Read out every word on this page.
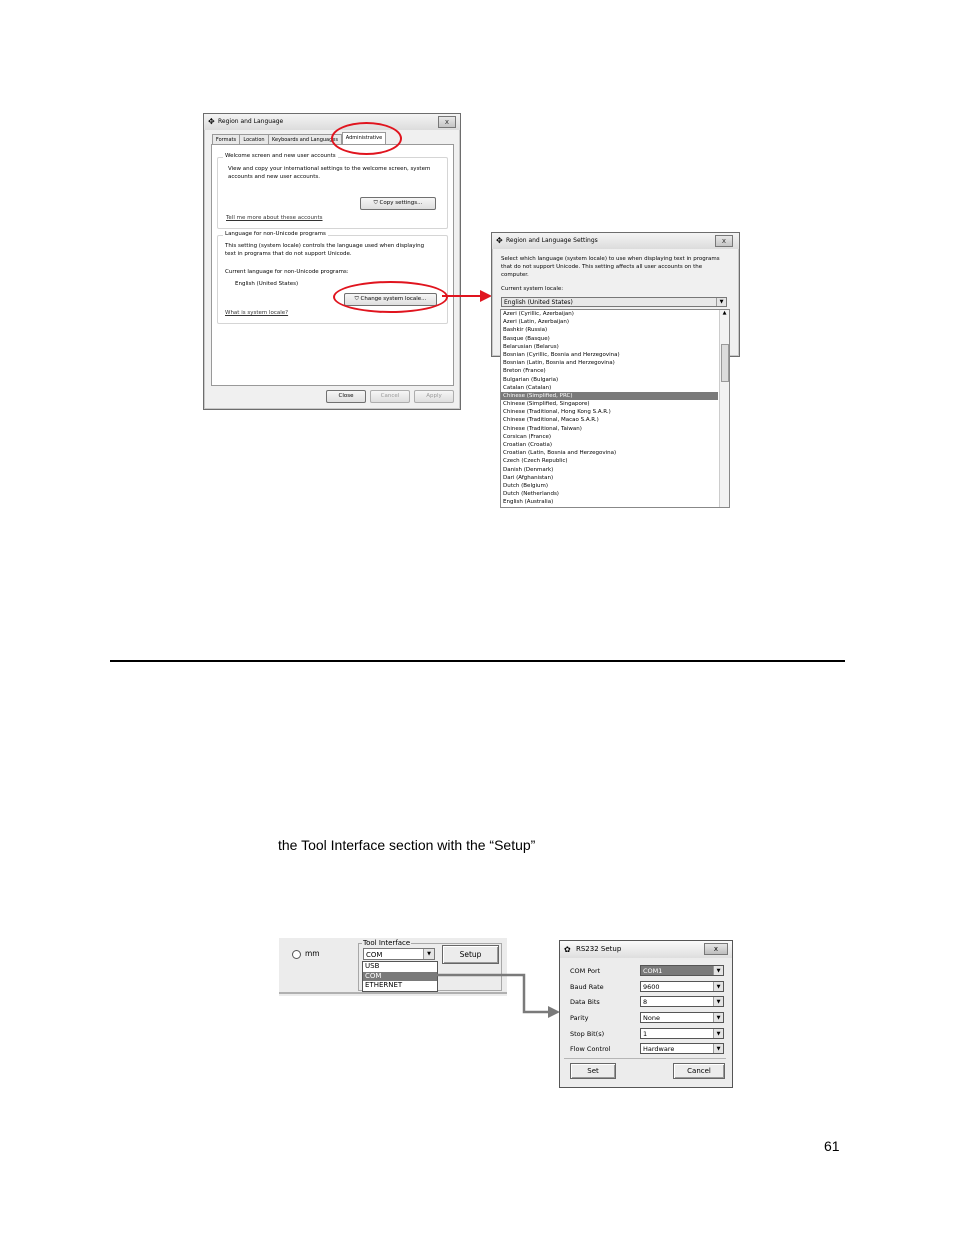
✥ Region and Language	x
Formats	Location	Keyboards and Languages	Administrative
Welcome screen and new user accounts
View and copy your international settings to the welcome screen, system
accounts and new user accounts.
⛉ Copy settings...
Tell me more about these accounts
Language for non-Unicode programs
This setting (system locale) controls the language used when displaying
text in programs that do not support Unicode.
Current language for non-Unicode programs:
English (United States)
⛉ Change system locale...
What is system locale?
Close	Cancel	Apply
✥ Region and Language Settings	x
Select which language (system locale) to use when displaying text in programs
that do not support Unicode. This setting affects all user accounts on the
computer.
Current system locale:
English (United States)	▼
Azeri (Cyrillic, Azerbaijan)
Azeri (Latin, Azerbaijan)
Bashkir (Russia)
Basque (Basque)
Belarusian (Belarus)
Bosnian (Cyrillic, Bosnia and Herzegovina)
Bosnian (Latin, Bosnia and Herzegovina)
Breton (France)
Bulgarian (Bulgaria)
Catalan (Catalan)
Chinese (Simplified, PRC)
Chinese (Simplified, Singapore)
Chinese (Traditional, Hong Kong S.A.R.)
Chinese (Traditional, Macao S.A.R.)
Chinese (Traditional, Taiwan)
Corsican (France)
Croatian (Croatia)
Croatian (Latin, Bosnia and Herzegovina)
Czech (Czech Republic)
Danish (Denmark)
Dari (Afghanistan)
Dutch (Belgium)
Dutch (Netherlands)
English (Australia)
▲
the Tool Interface section with the “Setup”
mm
Tool Interface
COM	▼	Setup
USB
COM
ETHERNET
✿ RS232 Setup	x
COM Port	COM1	▼
Baud Rate	9600	▼
Data Bits	8	▼
Parity	None	▼
Stop Bit(s)	1	▼
Flow Control	Hardware	▼
Set	Cancel
61
